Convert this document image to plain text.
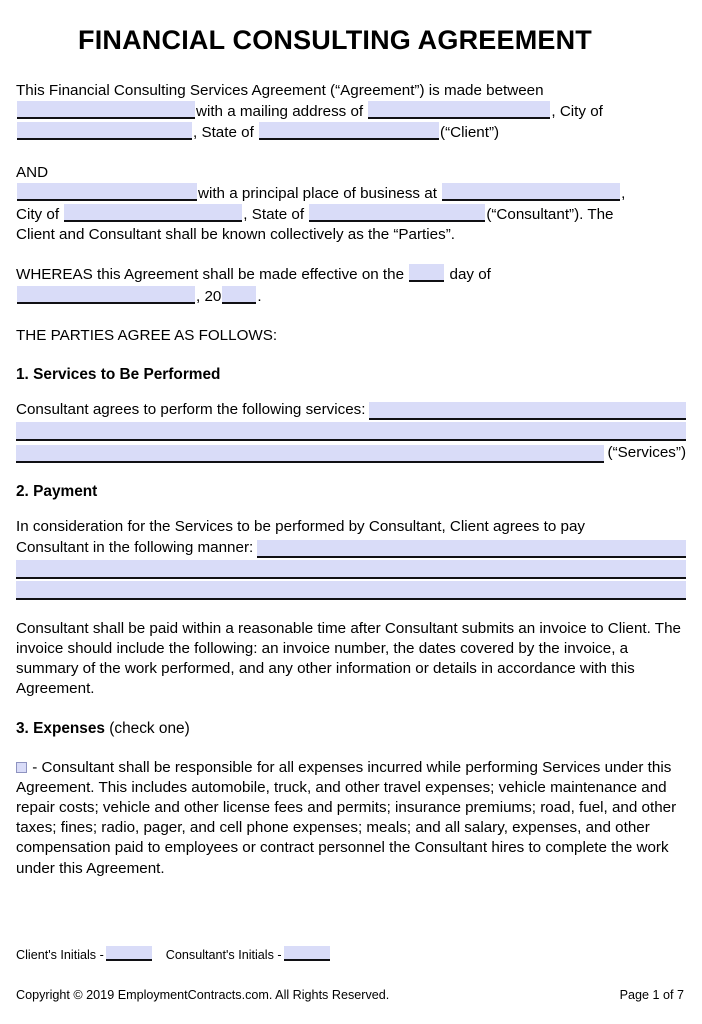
FINANCIAL CONSULTING AGREEMENT
This Financial Consulting Services Agreement (“Agreement”) is made between
with a mailing address of	, City of
, State of	(“Client”)
AND
with a principal place of business at	,
City of	, State of	(“Consultant”). The
Client and Consultant shall be known collectively as the “Parties”.
WHEREAS this Agreement shall be made effective on the	day of
, 20 .
THE PARTIES AGREE AS FOLLOWS:
1. Services to Be Performed
Consultant agrees to perform the following services:
(“Services”)
2. Payment
In consideration for the Services to be performed by Consultant, Client agrees to pay
Consultant in the following manner:
Consultant shall be paid within a reasonable time after Consultant submits an invoice to Client. The invoice should include the following: an invoice number, the dates covered by the invoice, a summary of the work performed, and any other information or details in accordance with this Agreement.
3. Expenses (check one)
- Consultant shall be responsible for all expenses incurred while performing Services under this Agreement. This includes automobile, truck, and other travel expenses; vehicle maintenance and repair costs; vehicle and other license fees and permits; insurance premiums; road, fuel, and other taxes; fines; radio, pager, and cell phone expenses; meals; and all salary, expenses, and other compensation paid to employees or contract personnel the Consultant hires to complete the work under this Agreement.
Client's Initials -	Consultant's Initials -
Copyright © 2019 EmploymentContracts.com. All Rights Reserved.	Page 1 of 7
